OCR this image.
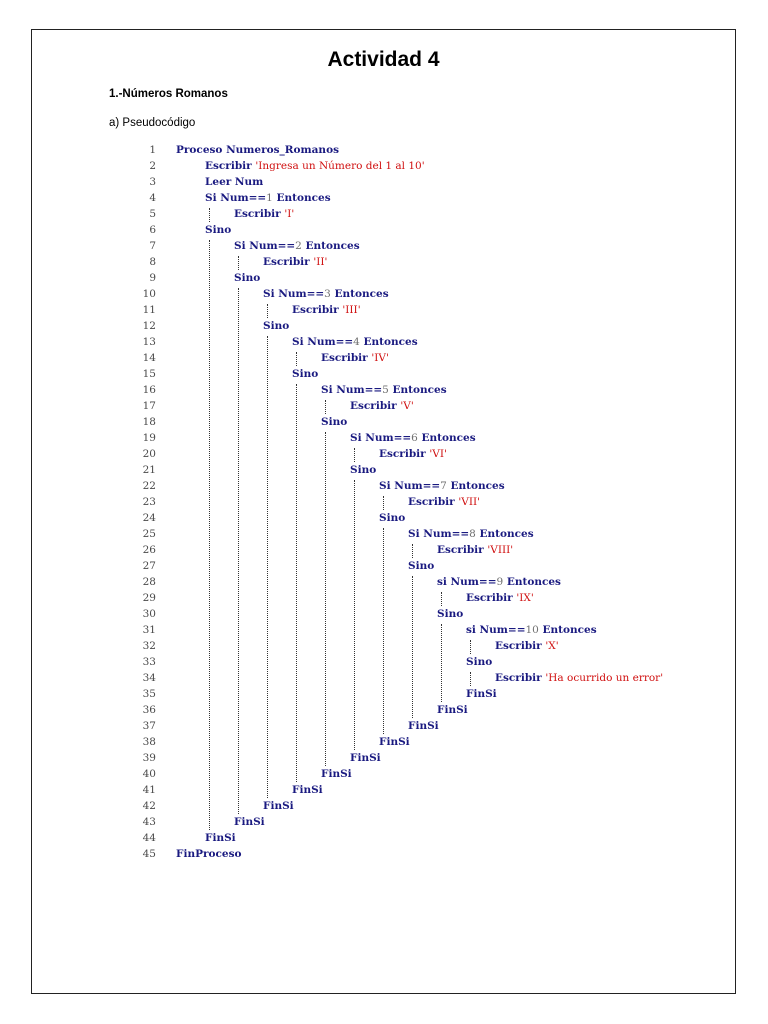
Actividad 4
1.-Números Romanos
a) Pseudocódigo
1 Proceso Numeros_Romanos
2	Escribir 'Ingresa un Número del 1 al 10'
3	Leer Num
4	Si Num==1 Entonces
5	Escribir 'I'
6	Sino
7	Si Num==2 Entonces
8	Escribir 'II'
9	Sino
10	Si Num==3 Entonces
11	Escribir 'III'
12	Sino
13	Si Num==4 Entonces
14	Escribir 'IV'
15	Sino
16	Si Num==5 Entonces
17	Escribir 'V'
18	Sino
19	Si Num==6 Entonces
20	Escribir 'VI'
21	Sino
22	Si Num==7 Entonces
23	Escribir 'VII'
24	Sino
25	Si Num==8 Entonces
26	Escribir 'VIII'
27	Sino
28	si Num==9 Entonces
29	Escribir 'IX'
30	Sino
31	si Num==10 Entonces
32	Escribir 'X'
33	Sino
34	Escribir 'Ha ocurrido un error'
35	FinSi
36	FinSi
37	FinSi
38	FinSi
39	FinSi
40	FinSi
41	FinSi
42	FinSi
43	FinSi
44	FinSi
45 FinProceso
